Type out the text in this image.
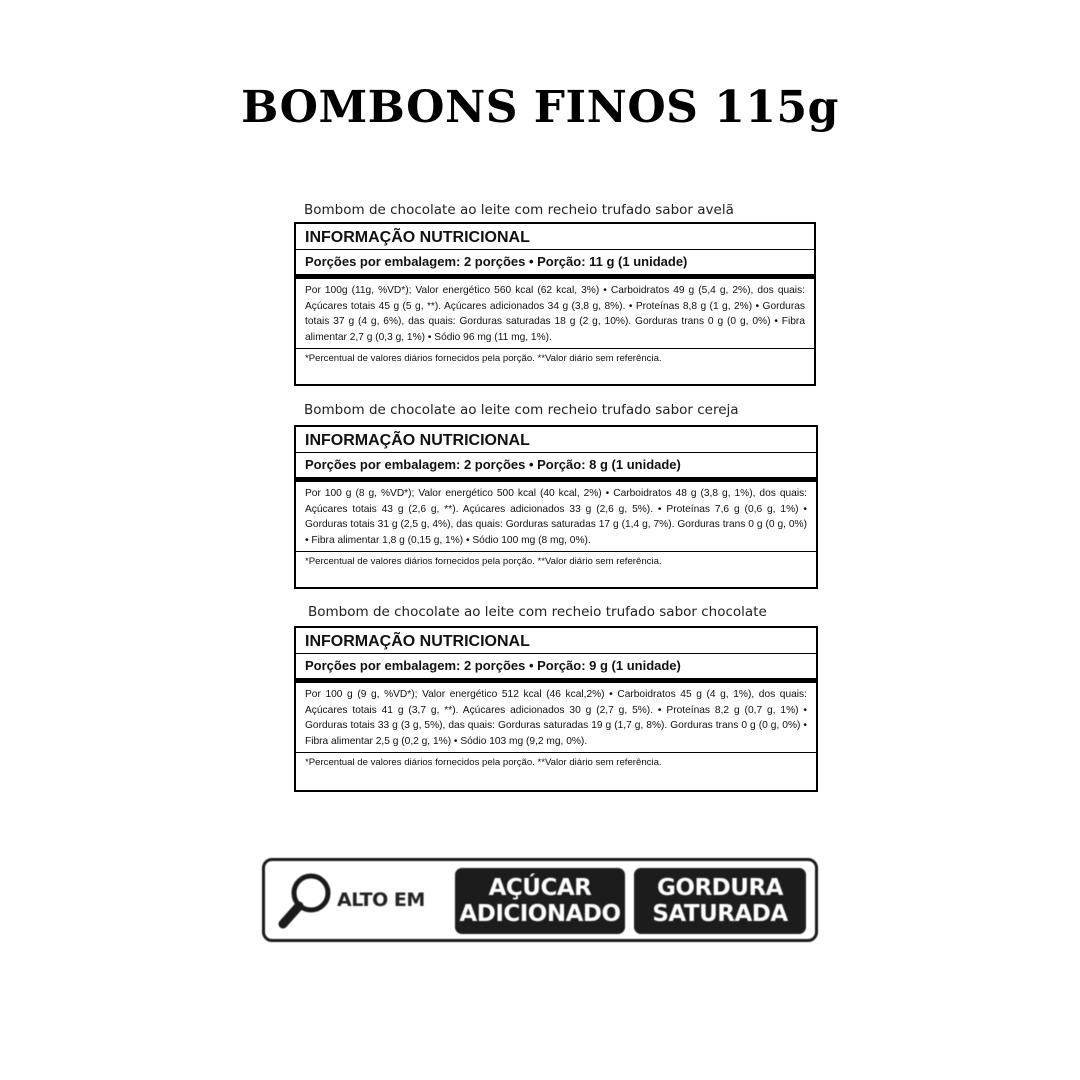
BOMBONS FINOS 115g
Bombom de chocolate ao leite com recheio trufado sabor avelã
INFORMAÇÃO NUTRICIONAL
Porções por embalagem: 2 porções • Porção: 11 g (1 unidade)
Por 100g (11g, %VD*); Valor energético 560 kcal (62 kcal, 3%) • Carboidratos 49 g (5,4 g, 2%), dos quais: Açúcares totais 45 g (5 g, **). Açúcares adicionados 34 g (3,8 g, 8%). • Proteínas 8,8 g (1 g, 2%) • Gorduras totais 37 g (4 g, 6%), das quais: Gorduras saturadas 18 g (2 g, 10%). Gorduras trans 0 g (0 g, 0%) • Fibra alimentar 2,7 g (0,3 g, 1%) • Sódio 96 mg (11 mg, 1%).
*Percentual de valores diários fornecidos pela porção. **Valor diário sem referência.
Bombom de chocolate ao leite com recheio trufado sabor cereja
INFORMAÇÃO NUTRICIONAL
Porções por embalagem: 2 porções • Porção: 8 g (1 unidade)
Por 100 g (8 g, %VD*); Valor energético 500 kcal (40 kcal, 2%) • Carboidratos 48 g (3,8 g, 1%), dos quais: Açúcares totais 43 g (2,6 g, **). Açúcares adicionados 33 g (2,6 g, 5%). • Proteínas 7,6 g (0,6 g, 1%) • Gorduras totais 31 g (2,5 g, 4%), das quais: Gorduras saturadas 17 g (1,4 g, 7%). Gorduras trans 0 g (0 g, 0%) • Fibra alimentar 1,8 g (0,15 g, 1%) • Sódio 100 mg (8 mg, 0%).
*Percentual de valores diários fornecidos pela porção. **Valor diário sem referência.
Bombom de chocolate ao leite com recheio trufado sabor chocolate
INFORMAÇÃO NUTRICIONAL
Porções por embalagem: 2 porções • Porção: 9 g (1 unidade)
Por 100 g (9 g, %VD*); Valor energético 512 kcal (46 kcal,2%) • Carboidratos 45 g (4 g, 1%), dos quais: Açúcares totais 41 g (3,7 g, **). Açúcares adicionados 30 g (2,7 g, 5%). • Proteínas 8,2 g (0,7 g, 1%) • Gorduras totais 33 g (3 g, 5%), das quais: Gorduras saturadas 19 g (1,7 g, 8%). Gorduras trans 0 g (0 g, 0%) • Fibra alimentar 2,5 g (0,2 g, 1%) • Sódio 103 mg (9,2 mg, 0%).
*Percentual de valores diários fornecidos pela porção. **Valor diário sem referência.
ALTO EM	AÇÚCAR
ADICIONADO
GORDURA
SATURADA
